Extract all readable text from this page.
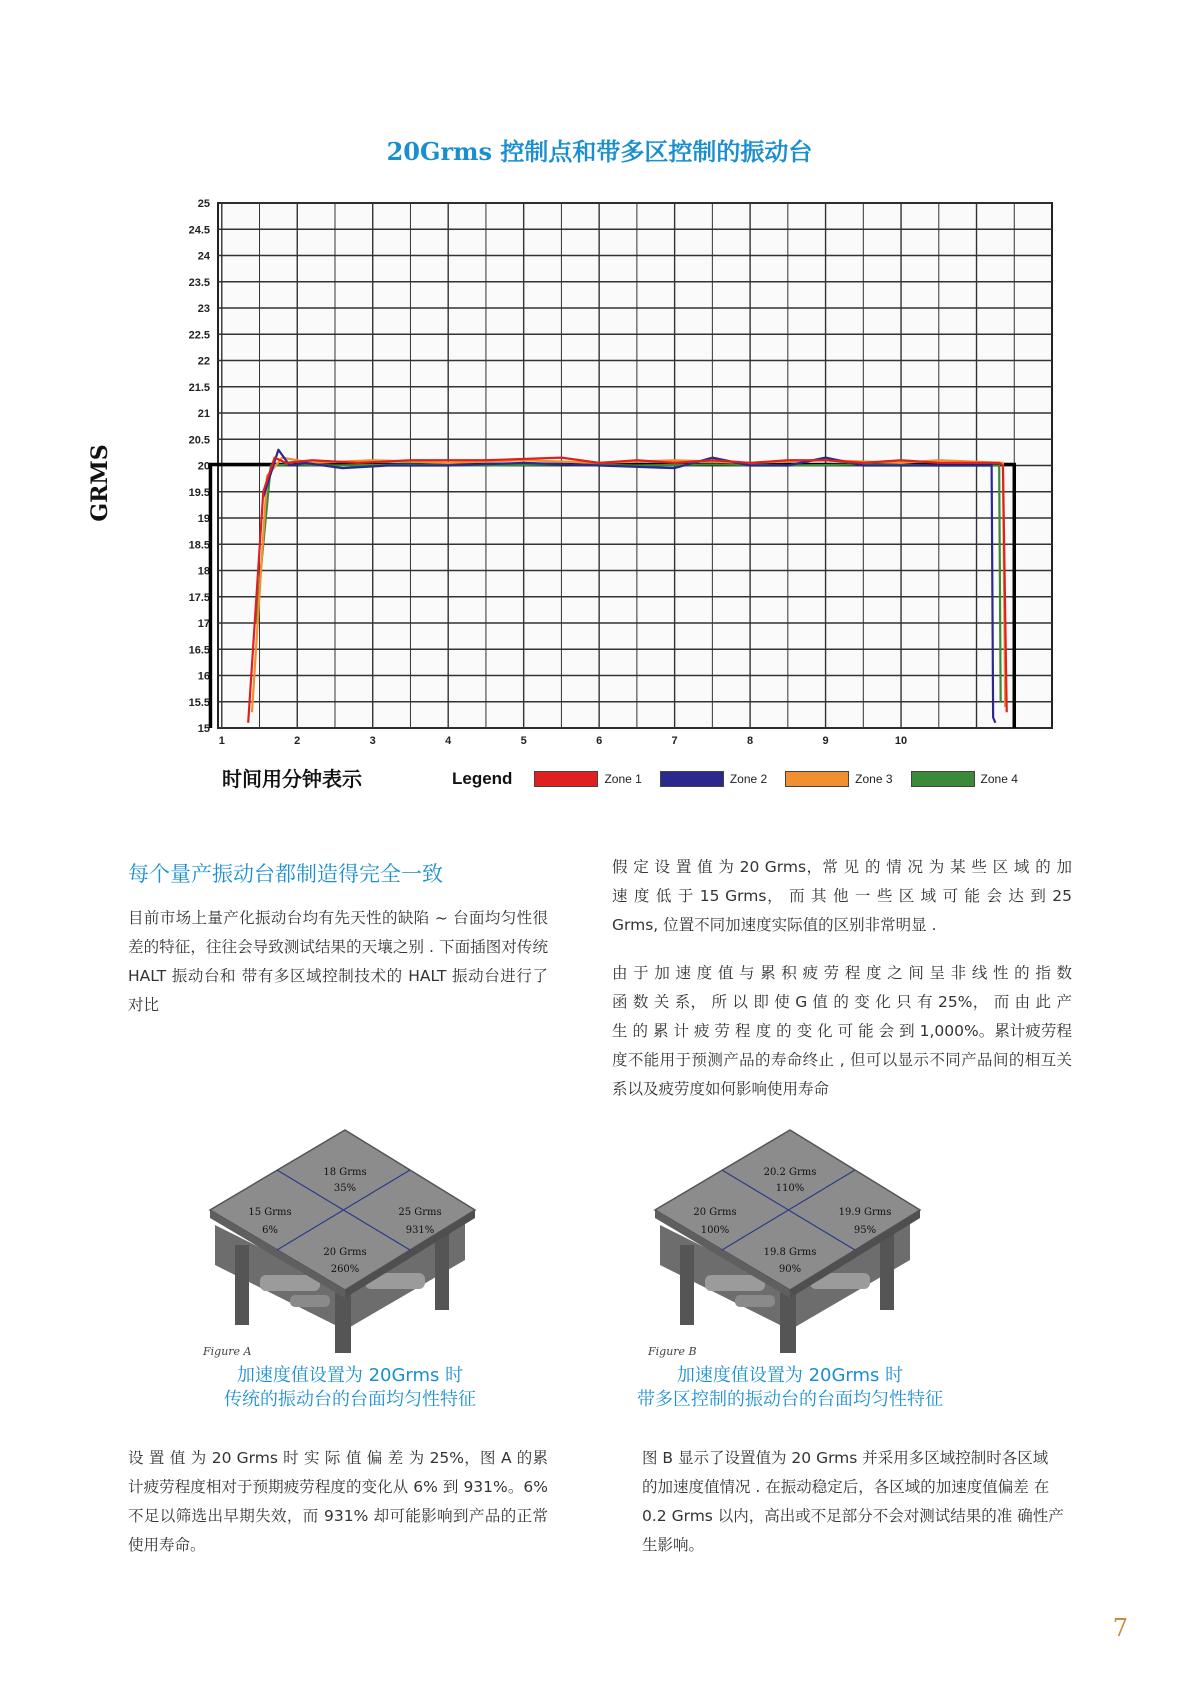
20Grms 控制点和带多区控制的振动台
GRMS
25
24.5
24
23.5
23
22.5
22
21.5
21
20.5
20
19.5
19
18.5
18
17.5
17
16.5
16
15.5
15
1	2	3	4	5	6	7	8	9	10
时间用分钟表示	Legend	Zone 1	Zone 2	Zone 3	Zone 4
每个量产振动台都制造得完全一致
目前市场上量产化振动台均有先天性的缺陷 ~ 台面均匀性很差的特征，往往会导致测试结果的天壤之别 . 下面插图对传统 HALT 振动台和 带有多区域控制技术的 HALT 振动台进行了对比
假 定 设 置 值 为 20 Grms，常 见 的 情 况 为 某 些 区 域 的 加 速 度 低 于 15 Grms， 而 其 他 一 些 区 域 可 能 会 达 到 25 Grms, 位置不同加速度实际值的区别非常明显 .
由 于 加 速 度 值 与 累 积 疲 劳 程 度 之 间 呈 非 线 性 的 指 数 函 数 关 系， 所 以 即 使 G 值 的 变 化 只 有 25%， 而 由 此 产 生 的 累 计 疲 劳 程 度 的 变 化 可 能 会 到 1,000%。累计疲劳程度不能用于预测产品的寿命终止 , 但可以显示不同产品间的相互关系以及疲劳度如何影响使用寿命
18 Grms
35%
15 Grms
6%
25 Grms
931%
20 Grms
260%
Figure A
20.2 Grms
110%
20 Grms
100%
19.9 Grms
95%
19.8 Grms
90%
Figure B
加速度值设置为 20Grms 时
传统的振动台的台面均匀性特征
加速度值设置为 20Grms 时
带多区控制的振动台的台面均匀性特征
设 置 值 为 20 Grms 时 实 际 值 偏 差 为 25%，图 A 的累计疲劳程度相对于预期疲劳程度的变化从 6% 到 931%。6% 不足以筛选出早期失效，而 931% 却可能影响到产品的正常使用寿命。
图 B 显示了设置值为 20 Grms 并采用多区域控制时各区域 的加速度值情况 . 在振动稳定后，各区域的加速度值偏差 在 0.2 Grms 以内，高出或不足部分不会对测试结果的准 确性产生影响。
7
